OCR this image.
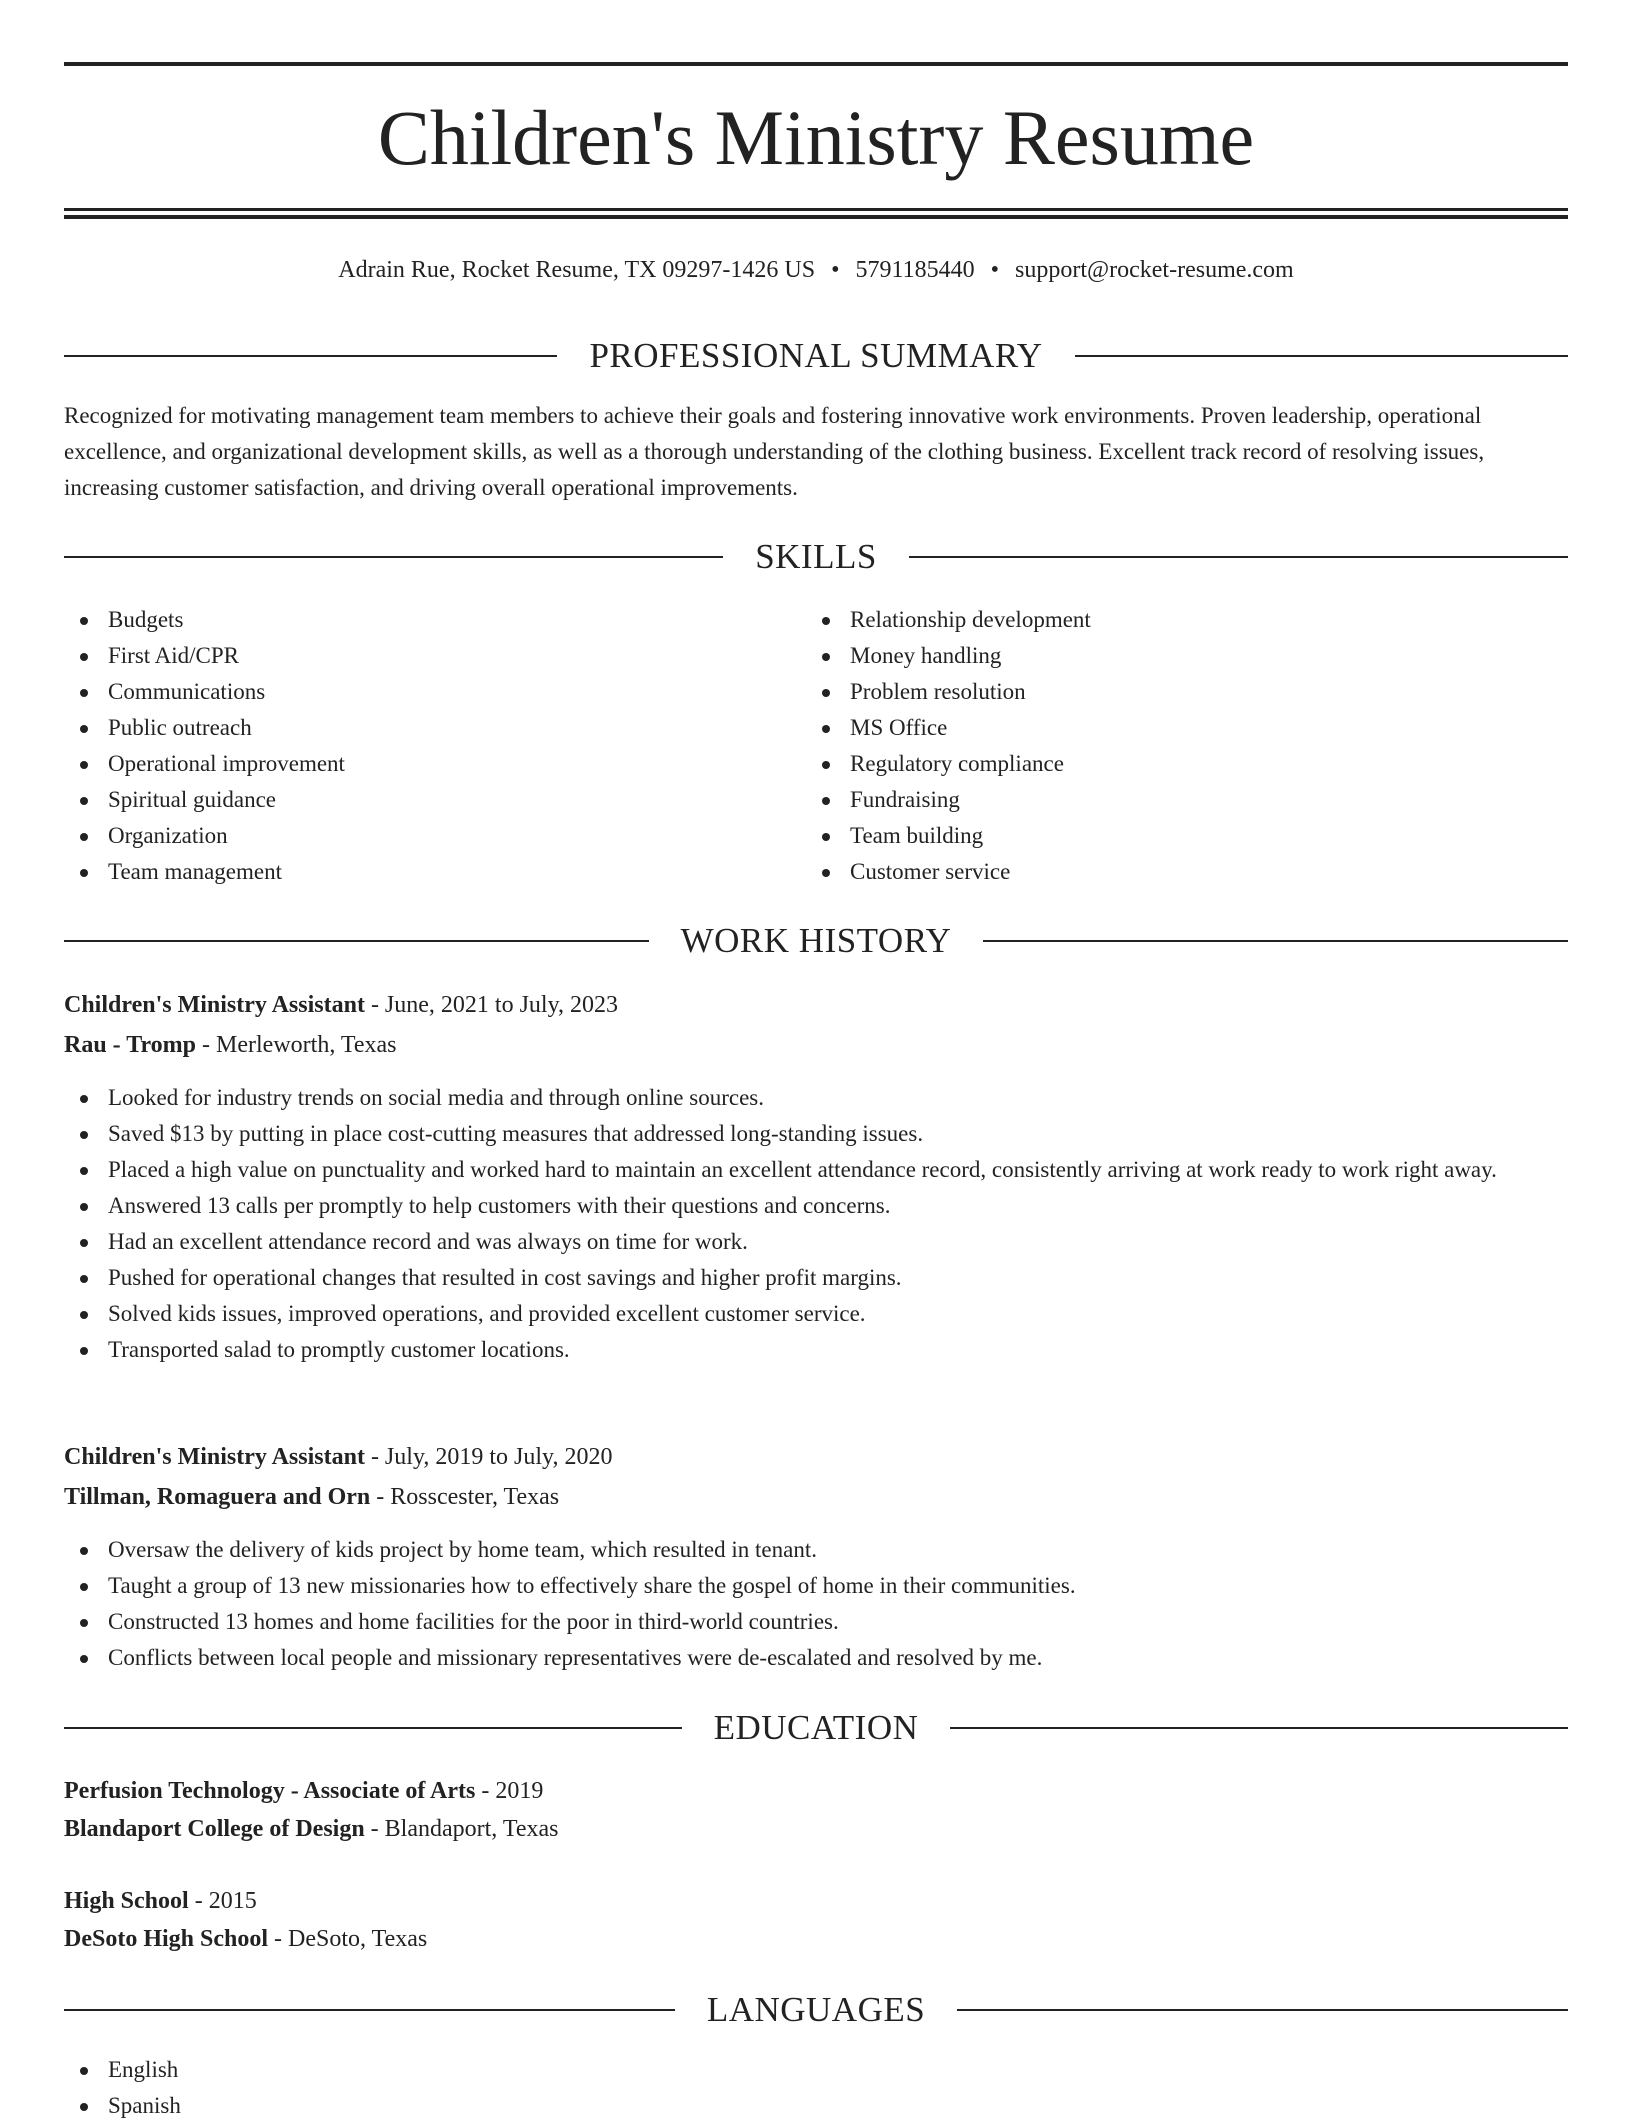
Children's Ministry Resume
Adrain Rue, Rocket Resume, TX 09297-1426 US • 5791185440 • support@rocket-resume.com
PROFESSIONAL SUMMARY

Recognized for motivating management team members to achieve their goals and fostering innovative work environments. Proven leadership, operational excellence, and organizational development skills, as well as a thorough understanding of the clothing business. Excellent track record of resolving issues, increasing customer satisfaction, and driving overall operational improvements.

SKILLS
Budgets
First Aid/CPR
Communications
Public outreach
Operational improvement
Spiritual guidance
Organization
Team management
Relationship development
Money handling
Problem resolution
MS Office
Regulatory compliance
Fundraising
Team building
Customer service
WORK HISTORY
Children's Ministry Assistant - June, 2021 to July, 2023
Rau - Tromp - Merleworth, Texas
Looked for industry trends on social media and through online sources.
Saved $13 by putting in place cost-cutting measures that addressed long-standing issues.
Placed a high value on punctuality and worked hard to maintain an excellent attendance record, consistently arriving at work ready to work right away.
Answered 13 calls per promptly to help customers with their questions and concerns.
Had an excellent attendance record and was always on time for work.
Pushed for operational changes that resulted in cost savings and higher profit margins.
Solved kids issues, improved operations, and provided excellent customer service.
Transported salad to promptly customer locations.
Children's Ministry Assistant - July, 2019 to July, 2020
Tillman, Romaguera and Orn - Rosscester, Texas
Oversaw the delivery of kids project by home team, which resulted in tenant.
Taught a group of 13 new missionaries how to effectively share the gospel of home in their communities.
Constructed 13 homes and home facilities for the poor in third-world countries.
Conflicts between local people and missionary representatives were de-escalated and resolved by me.
EDUCATION
Perfusion Technology - Associate of Arts - 2019
Blandaport College of Design - Blandaport, Texas
High School - 2015
DeSoto High School - DeSoto, Texas
LANGUAGES
English
Spanish
